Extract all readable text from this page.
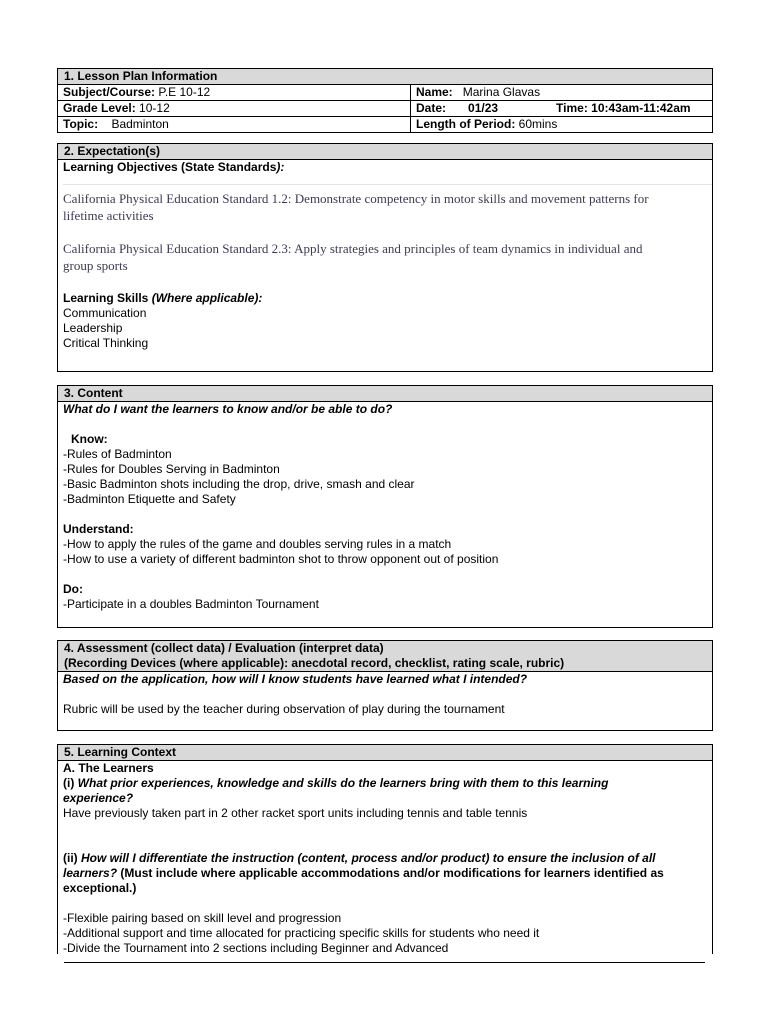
1. Lesson Plan Information
Subject/Course: P.E 10-12	Name: Marina Glavas
Grade Level: 10-12	Date: 01/23	Time: 10:43am-11:42am
Topic: Badminton	Length of Period: 60mins
2. Expectation(s)
Learning Objectives (State Standards):
California Physical Education Standard 1.2: Demonstrate competency in motor skills and movement patterns for
lifetime activities
California Physical Education Standard 2.3: Apply strategies and principles of team dynamics in individual and
group sports
Learning Skills (Where applicable):
Communication
Leadership
Critical Thinking
3. Content
What do I want the learners to know and/or be able to do?
Know:
-Rules of Badminton
-Rules for Doubles Serving in Badminton
-Basic Badminton shots including the drop, drive, smash and clear
-Badminton Etiquette and Safety
Understand:
-How to apply the rules of the game and doubles serving rules in a match
-How to use a variety of different badminton shot to throw opponent out of position
Do:
-Participate in a doubles Badminton Tournament
4. Assessment (collect data) / Evaluation (interpret data)
(Recording Devices (where applicable): anecdotal record, checklist, rating scale, rubric)
Based on the application, how will I know students have learned what I intended?
Rubric will be used by the teacher during observation of play during the tournament
5. Learning Context
A. The Learners
(i) What prior experiences, knowledge and skills do the learners bring with them to this learning
experience?
Have previously taken part in 2 other racket sport units including tennis and table tennis
(ii) How will I differentiate the instruction (content, process and/or product) to ensure the inclusion of all
learners? (Must include where applicable accommodations and/or modifications for learners identified as
exceptional.)
-Flexible pairing based on skill level and progression
-Additional support and time allocated for practicing specific skills for students who need it
-Divide the Tournament into 2 sections including Beginner and Advanced
